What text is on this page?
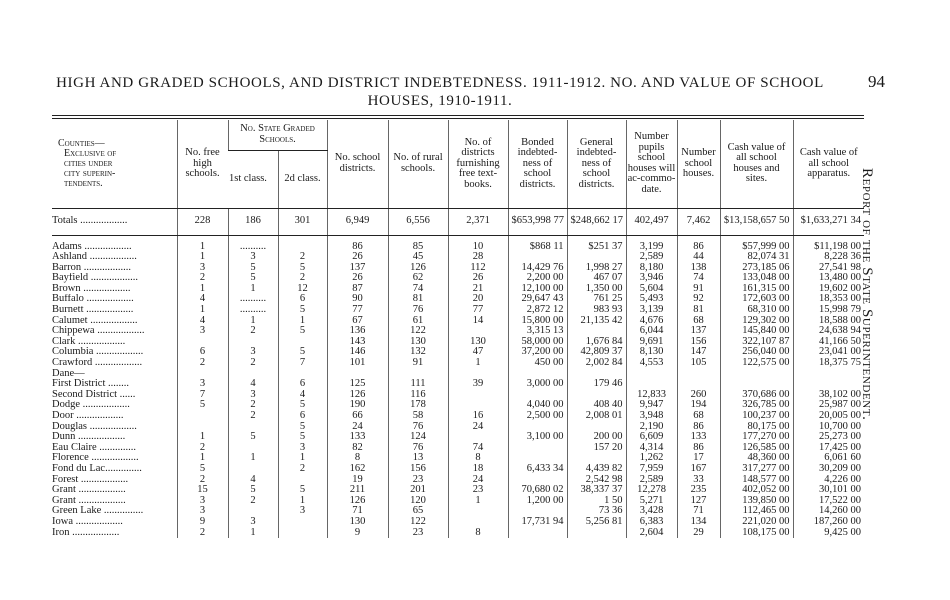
HIGH AND GRADED SCHOOLS, AND DISTRICT INDEBTEDNESS. 1911-1912. NO. AND VALUE OF SCHOOL
HOUSES, 1910-1911.
94
Report of the State Superintendent.
Counties—
Exclusive of
cities under
city superin-
tendents.	No. free high schools.	No. State Graded Schools.		No. school districts.	No. of rural schools.	No. of districts furnishing free text-books.	Bonded indebted-ness of school districts.	General indebted-ness of school districts.	Number pupils school houses will ac-commo-date.	Number school houses.	Cash value of all school houses and sites.	Cash value of all school apparatus.
		1st class.	2d class.									
Totals ..................	228	186	301	6,949	6,556	2,371	$653,998 77	$248,662 17	402,497	7,462	$13,158,657 50	$1,633,271 34

Adams ..................	1	..........		86	85	10	$868 11	$251 37	3,199	86	$57,999 00	$11,198 00
Ashland ..................	1	3	2	26	45	28			2,589	44	82,074 31	8,228 36
Barron ..................	3	5	5	137	126	112	14,429 76	1,998 27	8,180	138	273,185 06	27,541 98
Bayfield ..................	2	5	2	26	62	26	2,200 00	467 07	3,946	74	133,048 00	13,480 00
Brown ..................	1	1	12	87	74	21	12,100 00	1,350 00	5,604	91	161,315 00	19,602 00
Buffalo ..................	4	..........	6	90	81	20	29,647 43	761 25	5,493	92	172,603 00	18,353 00
Burnett ..................	1	..........	5	77	76	77	2,872 12	983 93	3,139	81	68,310 00	15,998 79
Calumet ..................	4	1	1	67	61	14	15,800 00	21,135 42	4,676	68	129,302 00	18,588 00
Chippewa ..................	3	2	5	136	122		3,315 13		6,044	137	145,840 00	24,638 94
Clark ..................				143	130	130	58,000 00	1,676 84	9,691	156	322,107 87	41,166 50
Columbia ..................	6	3	5	146	132	47	37,200 00	42,809 37	8,130	147	256,040 00	23,041 00
Crawford ..................	2	2	7	101	91	1	450 00	2,002 84	4,553	105	122,575 00	18,375 75
Dane—												
First District ........	3	4	6	125	111	39	3,000 00	179 46				
Second District ......	7	3	4	126	116				12,833	260	370,686 00	38,102 00
Dodge ..................	5	2	5	190	178		4,040 00	408 40	9,947	194	326,785 00	25,987 00
Door ..................		2	6	66	58	16	2,500 00	2,008 01	3,948	68	100,237 00	20,005 00
Douglas ..................			5	24	76	24			2,190	86	80,175 00	10,700 00
Dunn ..................	1	5	5	133	124		3,100 00	200 00	6,609	133	177,270 00	25,273 00
Eau Claire ..............	2		3	82	76	74		157 20	4,314	86	126,585 00	17,425 00
Florence ..................	1	1	1	8	13	8			1,262	17	48,360 00	6,061 60
Fond du Lac..............	5		2	162	156	18	6,433 34	4,439 82	7,959	167	317,277 00	30,209 00
Forest ..................	2	4		19	23	24		2,542 98	2,589	33	148,577 00	4,226 00
Grant ..................	15	5	5	211	201	23	70,680 02	38,337 37	12,278	235	402,052 00	30,101 00
Grant ..................	3	2	1	126	120	1	1,200 00	1 50	5,271	127	139,850 00	17,522 00
Green Lake ...............	3		3	71	65			73 36	3,428	71	112,465 00	14,260 00
Iowa ..................	9	3		130	122		17,731 94	5,256 81	6,383	134	221,020 00	187,260 00
Iron ..................	2	1		9	23	8			2,604	29	108,175 00	9,425 00
